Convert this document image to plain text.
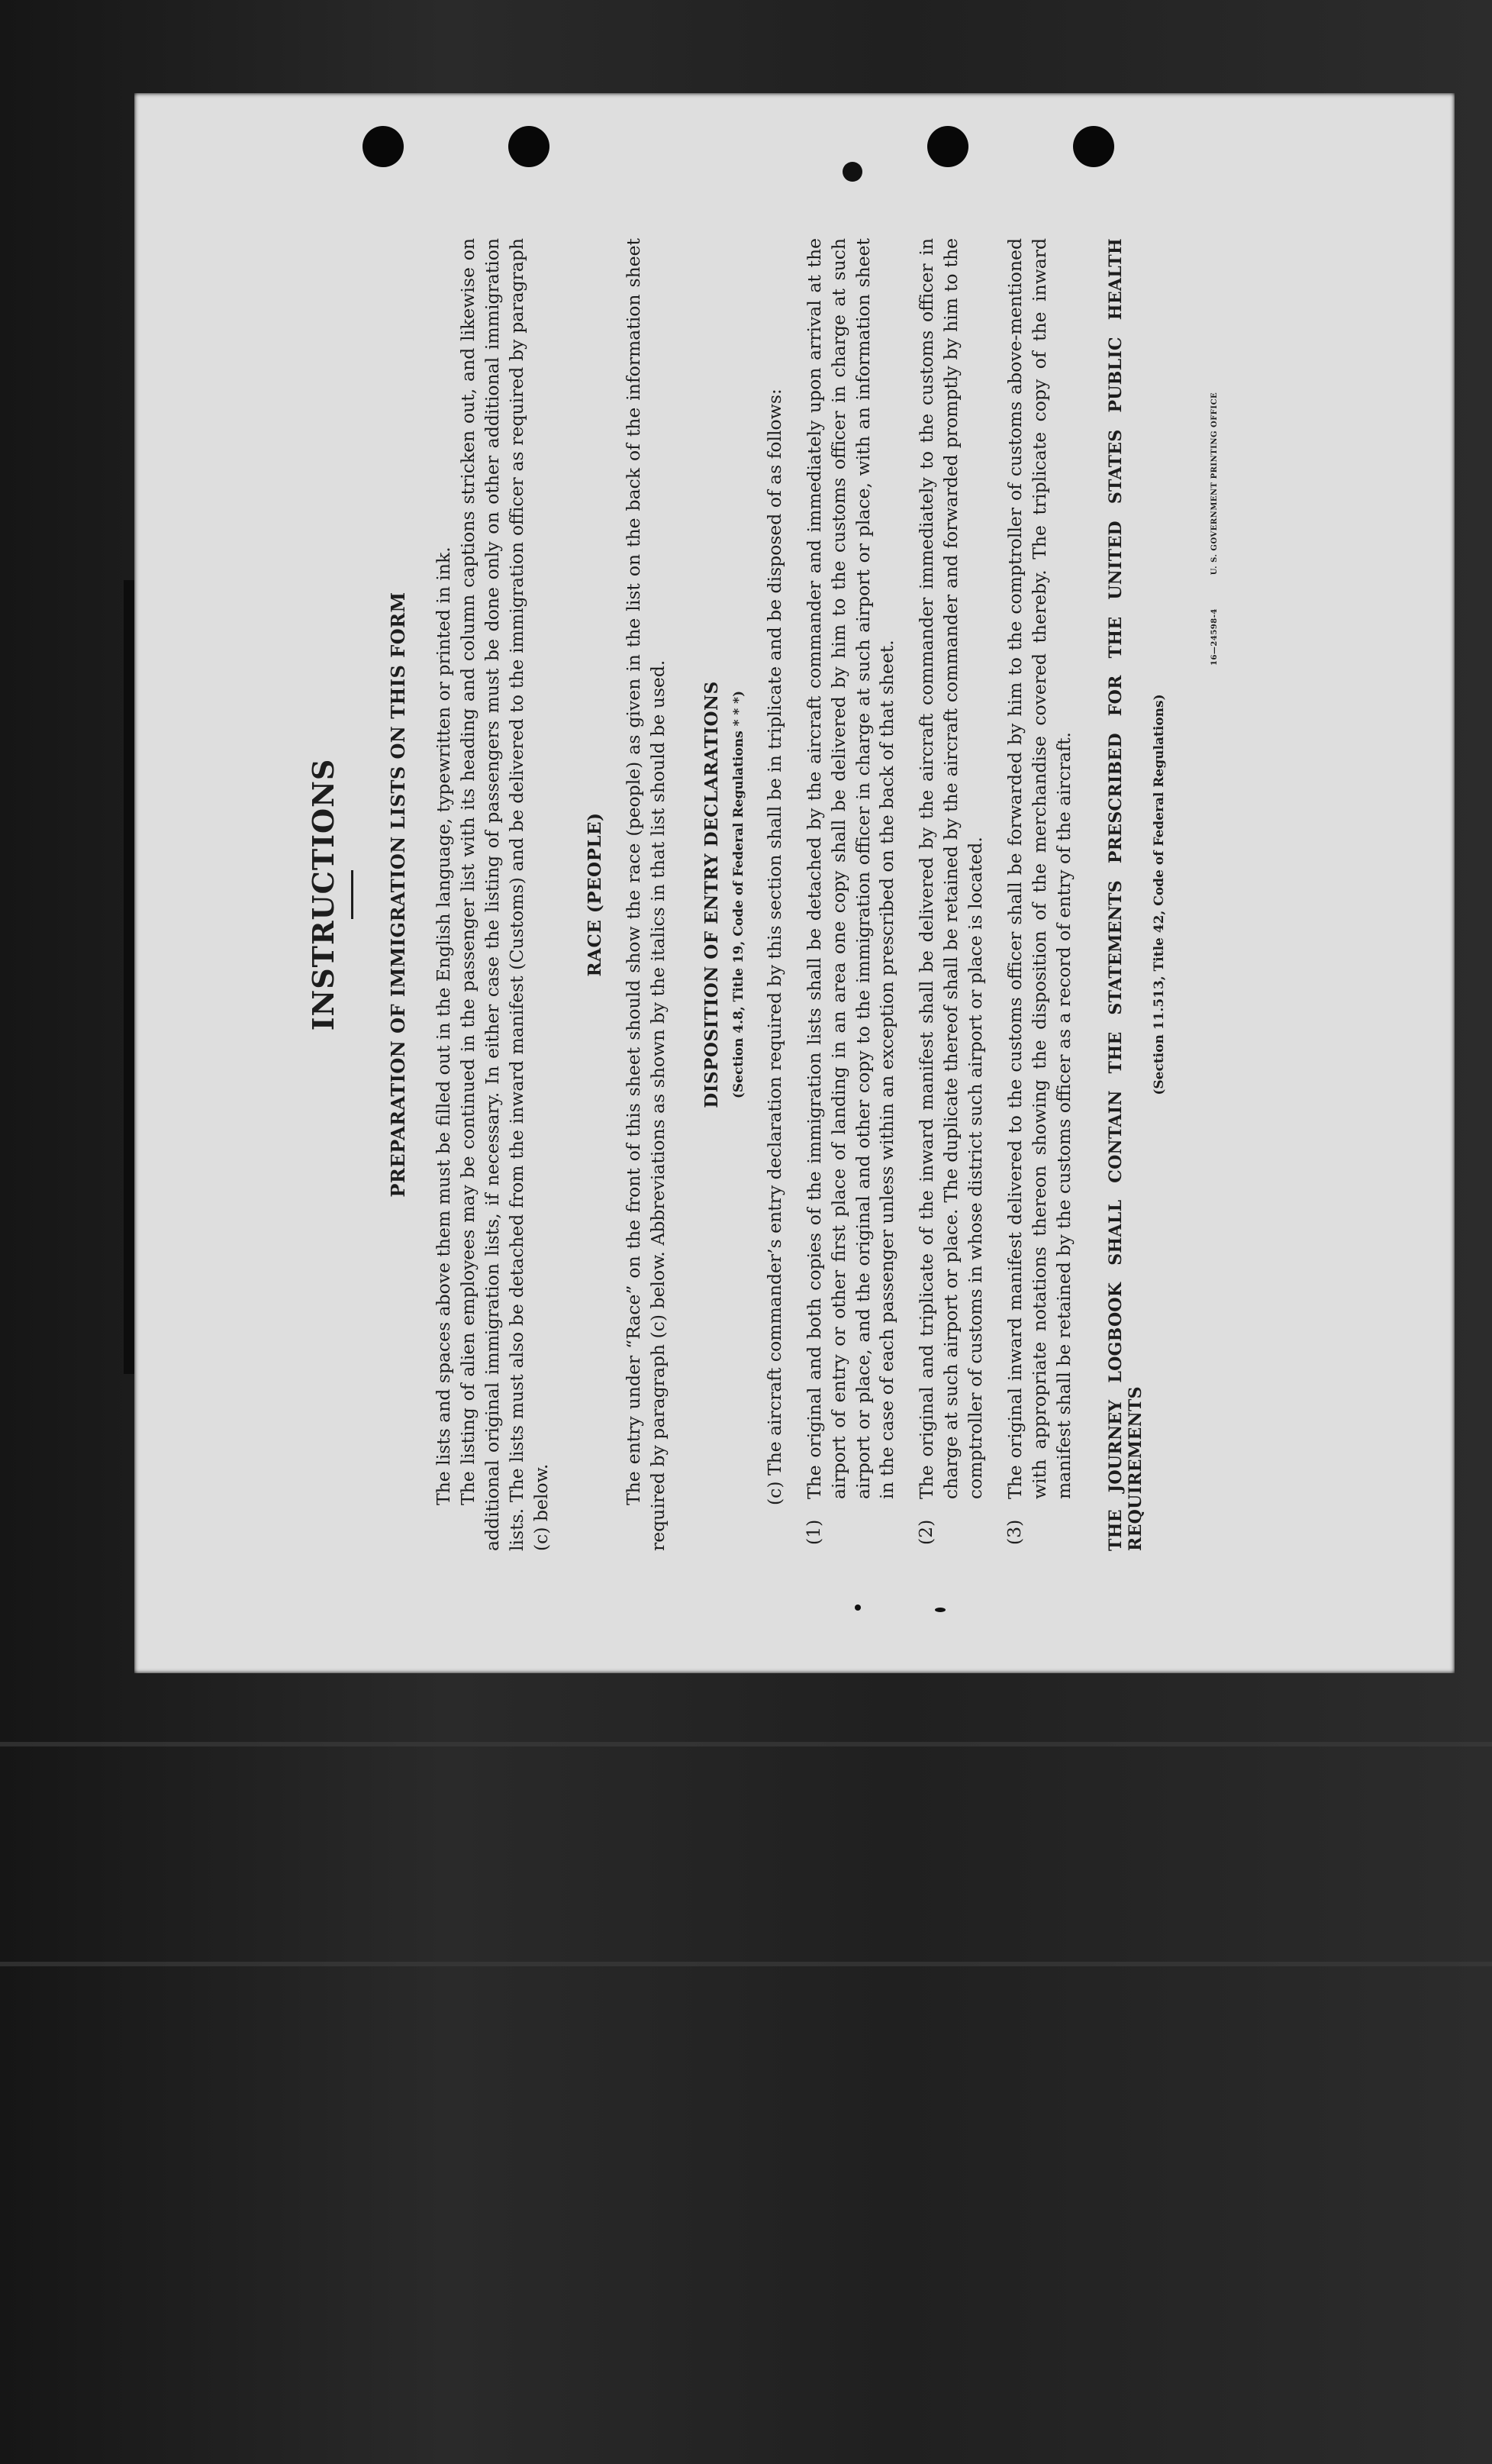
INSTRUCTIONS	PREPARATION OF IMMIGRATION LISTS ON THIS FORM The lists and spaces above them must be filled out in the English language, typewritten or printed in ink. The listing of alien employees may be continued in the passenger list with its heading and column captions stricken out, and likewise on additional original immigration lists, if necessary. In either case the listing of passengers must be done only on other additional immigration lists. The lists must also be detached from the inward manifest (Customs) and be delivered to the immigration officer as required by paragraph (c) below.

RACE (PEOPLE) The entry under “Race” on the front of this sheet should show the race (people) as given in the list on the back of the information sheet required by paragraph (c) below. Abbreviations as shown by the italics in that list should be used. DISPOSITION OF ENTRY DECLARATIONS (Section 4.8, Title 19, Code of Federal Regulations * * *) (c) The aircraft commander’s entry declaration required by this section shall be in triplicate and be disposed of as follows:

(1)

The original and both copies of the immigration lists shall be detached by the aircraft commander and immediately upon arrival at the airport of entry or other first place of landing in an area one copy shall be delivered by him to the customs officer in charge at such airport or place, and the original and other copy to the immigration officer in charge at such airport or place, with an information sheet in the case of each passenger unless within an exception prescribed on the back of that sheet.

(2)

The original and triplicate of the inward manifest shall be delivered by the aircraft commander immediately to the customs officer in charge at such airport or place. The duplicate thereof shall be retained by the aircraft commander and forwarded promptly by him to the comptroller of customs in whose district such airport or place is located.

(3)

The original inward manifest delivered to the customs officer shall be forwarded by him to the comptroller of customs above-mentioned with appropriate notations thereon showing the disposition of the merchandise covered thereby. The triplicate copy of the inward manifest shall be retained by the customs officer as a record of entry of the aircraft. THE JOURNEY LOGBOOK SHALL CONTAIN THE STATEMENTS PRESCRIBED FOR THE UNITED STATES PUBLIC HEALTH REQUIREMENTS
(Section 11.513, Title 42, Code of Federal Regulations)
16—24598-4 U. S. GOVERNMENT PRINTING OFFICE
